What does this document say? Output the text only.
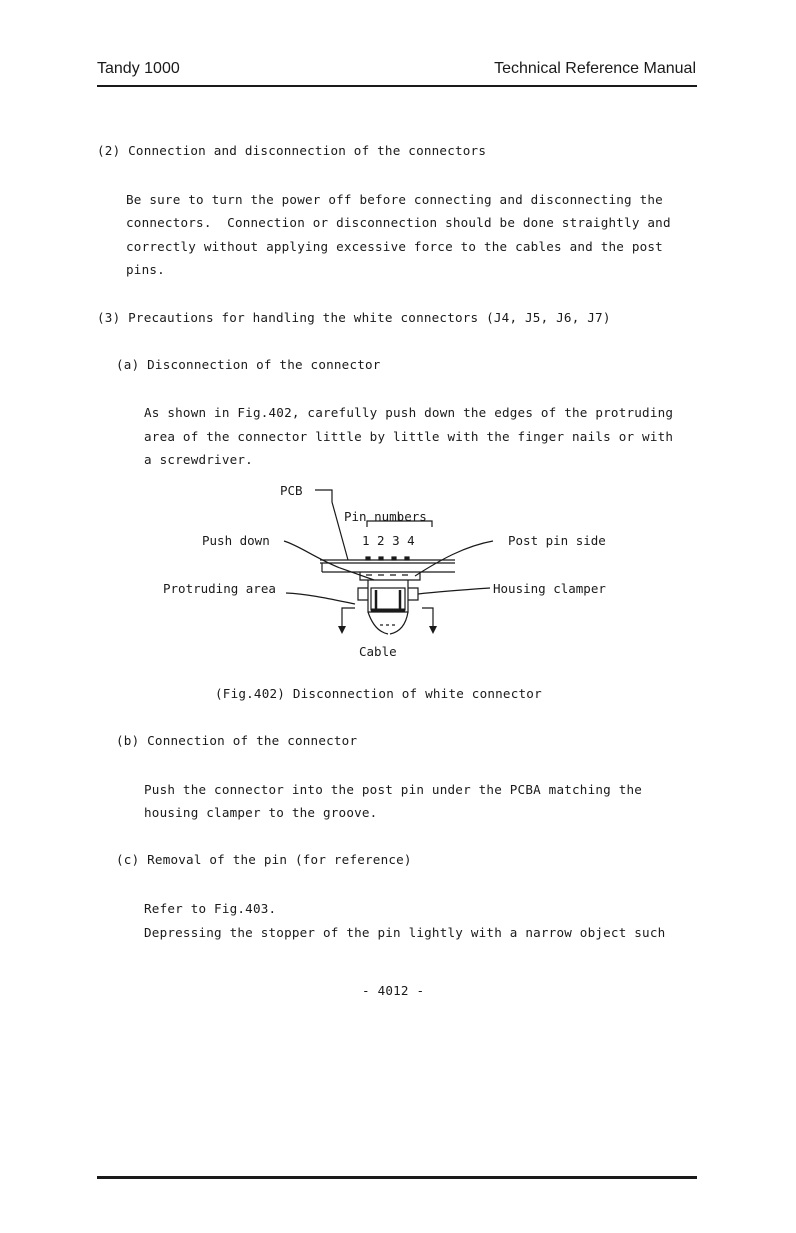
Tandy 1000	Technical Reference Manual
(2) Connection and disconnection of the connectors
Be sure to turn the power off before connecting and disconnecting the
connectors.  Connection or disconnection should be done straightly and
correctly without applying excessive force to the cables and the post
pins.
(3) Precautions for handling the white connectors (J4, J5, J6, J7)
(a) Disconnection of the connector
As shown in Fig.402, carefully push down the edges of the protruding
area of the connector little by little with the finger nails or with
a screwdriver.
PCB
Pin numbers
1 2 3 4
Push down	Post pin side
Protruding area	Housing clamper
Cable
(Fig.402) Disconnection of white connector
(b) Connection of the connector
Push the connector into the post pin under the PCBA matching the
housing clamper to the groove.
(c) Removal of the pin (for reference)
Refer to Fig.403.
Depressing the stopper of the pin lightly with a narrow object such
- 4012 -
